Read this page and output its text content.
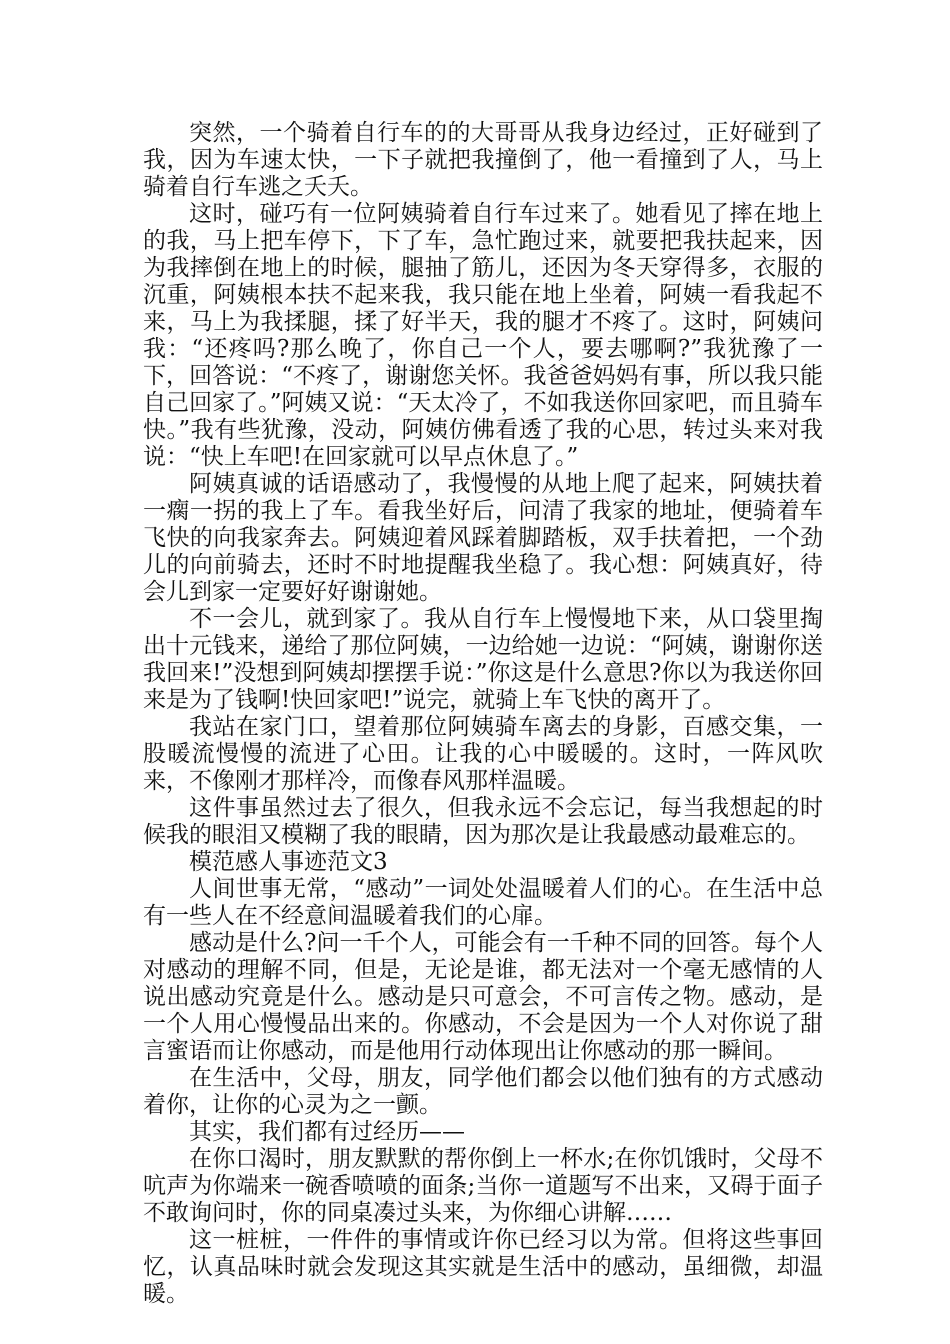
突然，一个骑着自行车的的大哥哥从我身边经过，正好碰到了我，因为车速太快，一下子就把我撞倒了，他一看撞到了人，马上骑着自行车逃之夭夭。

这时，碰巧有一位阿姨骑着自行车过来了。她看见了摔在地上的我，马上把车停下，下了车，急忙跑过来，就要把我扶起来，因为我摔倒在地上的时候，腿抽了筋儿，还因为冬天穿得多，衣服的沉重，阿姨根本扶不起来我，我只能在地上坐着，阿姨一看我起不来，马上为我揉腿，揉了好半天，我的腿才不疼了。这时，阿姨问我：“还疼吗?那么晚了，你自己一个人，要去哪啊?”我犹豫了一下，回答说：“不疼了，谢谢您关怀。我爸爸妈妈有事，所以我只能自己回家了。”阿姨又说：“天太冷了，不如我送你回家吧，而且骑车快。”我有些犹豫，没动，阿姨仿佛看透了我的心思，转过头来对我说：“快上车吧!在回家就可以早点休息了。”

阿姨真诚的话语感动了，我慢慢的从地上爬了起来，阿姨扶着一瘸一拐的我上了车。看我坐好后，问清了我家的地址，便骑着车飞快的向我家奔去。阿姨迎着风踩着脚踏板，双手扶着把，一个劲儿的向前骑去，还时不时地提醒我坐稳了。我心想：阿姨真好，待会儿到家一定要好好谢谢她。

不一会儿，就到家了。我从自行车上慢慢地下来，从口袋里掏出十元钱来，递给了那位阿姨，一边给她一边说：“阿姨，谢谢你送我回来!”没想到阿姨却摆摆手说：”你这是什么意思?你以为我送你回来是为了钱啊!快回家吧!”说完，就骑上车飞快的离开了。

我站在家门口，望着那位阿姨骑车离去的身影，百感交集，一股暖流慢慢的流进了心田。让我的心中暖暖的。这时，一阵风吹来，不像刚才那样冷，而像春风那样温暖。

这件事虽然过去了很久，但我永远不会忘记，每当我想起的时候我的眼泪又模糊了我的眼睛，因为那次是让我最感动最难忘的。

模范感人事迹范文3

人间世事无常，“感动”一词处处温暖着人们的心。在生活中总有一些人在不经意间温暖着我们的心扉。

感动是什么?问一千个人，可能会有一千种不同的回答。每个人对感动的理解不同，但是，无论是谁，都无法对一个毫无感情的人说出感动究竟是什么。感动是只可意会，不可言传之物。感动，是一个人用心慢慢品出来的。你感动，不会是因为一个人对你说了甜言蜜语而让你感动，而是他用行动体现出让你感动的那一瞬间。

在生活中，父母，朋友，同学他们都会以他们独有的方式感动着你，让你的心灵为之一颤。

其实，我们都有过经历——

在你口渴时，朋友默默的帮你倒上一杯水;在你饥饿时，父母不吭声为你端来一碗香喷喷的面条;当你一道题写不出来，又碍于面子不敢询问时，你的同桌凑过头来，为你细心讲解……

这一桩桩，一件件的事情或许你已经习以为常。但将这些事回忆，认真品味时就会发现这其实就是生活中的感动，虽细微，却温暖。
